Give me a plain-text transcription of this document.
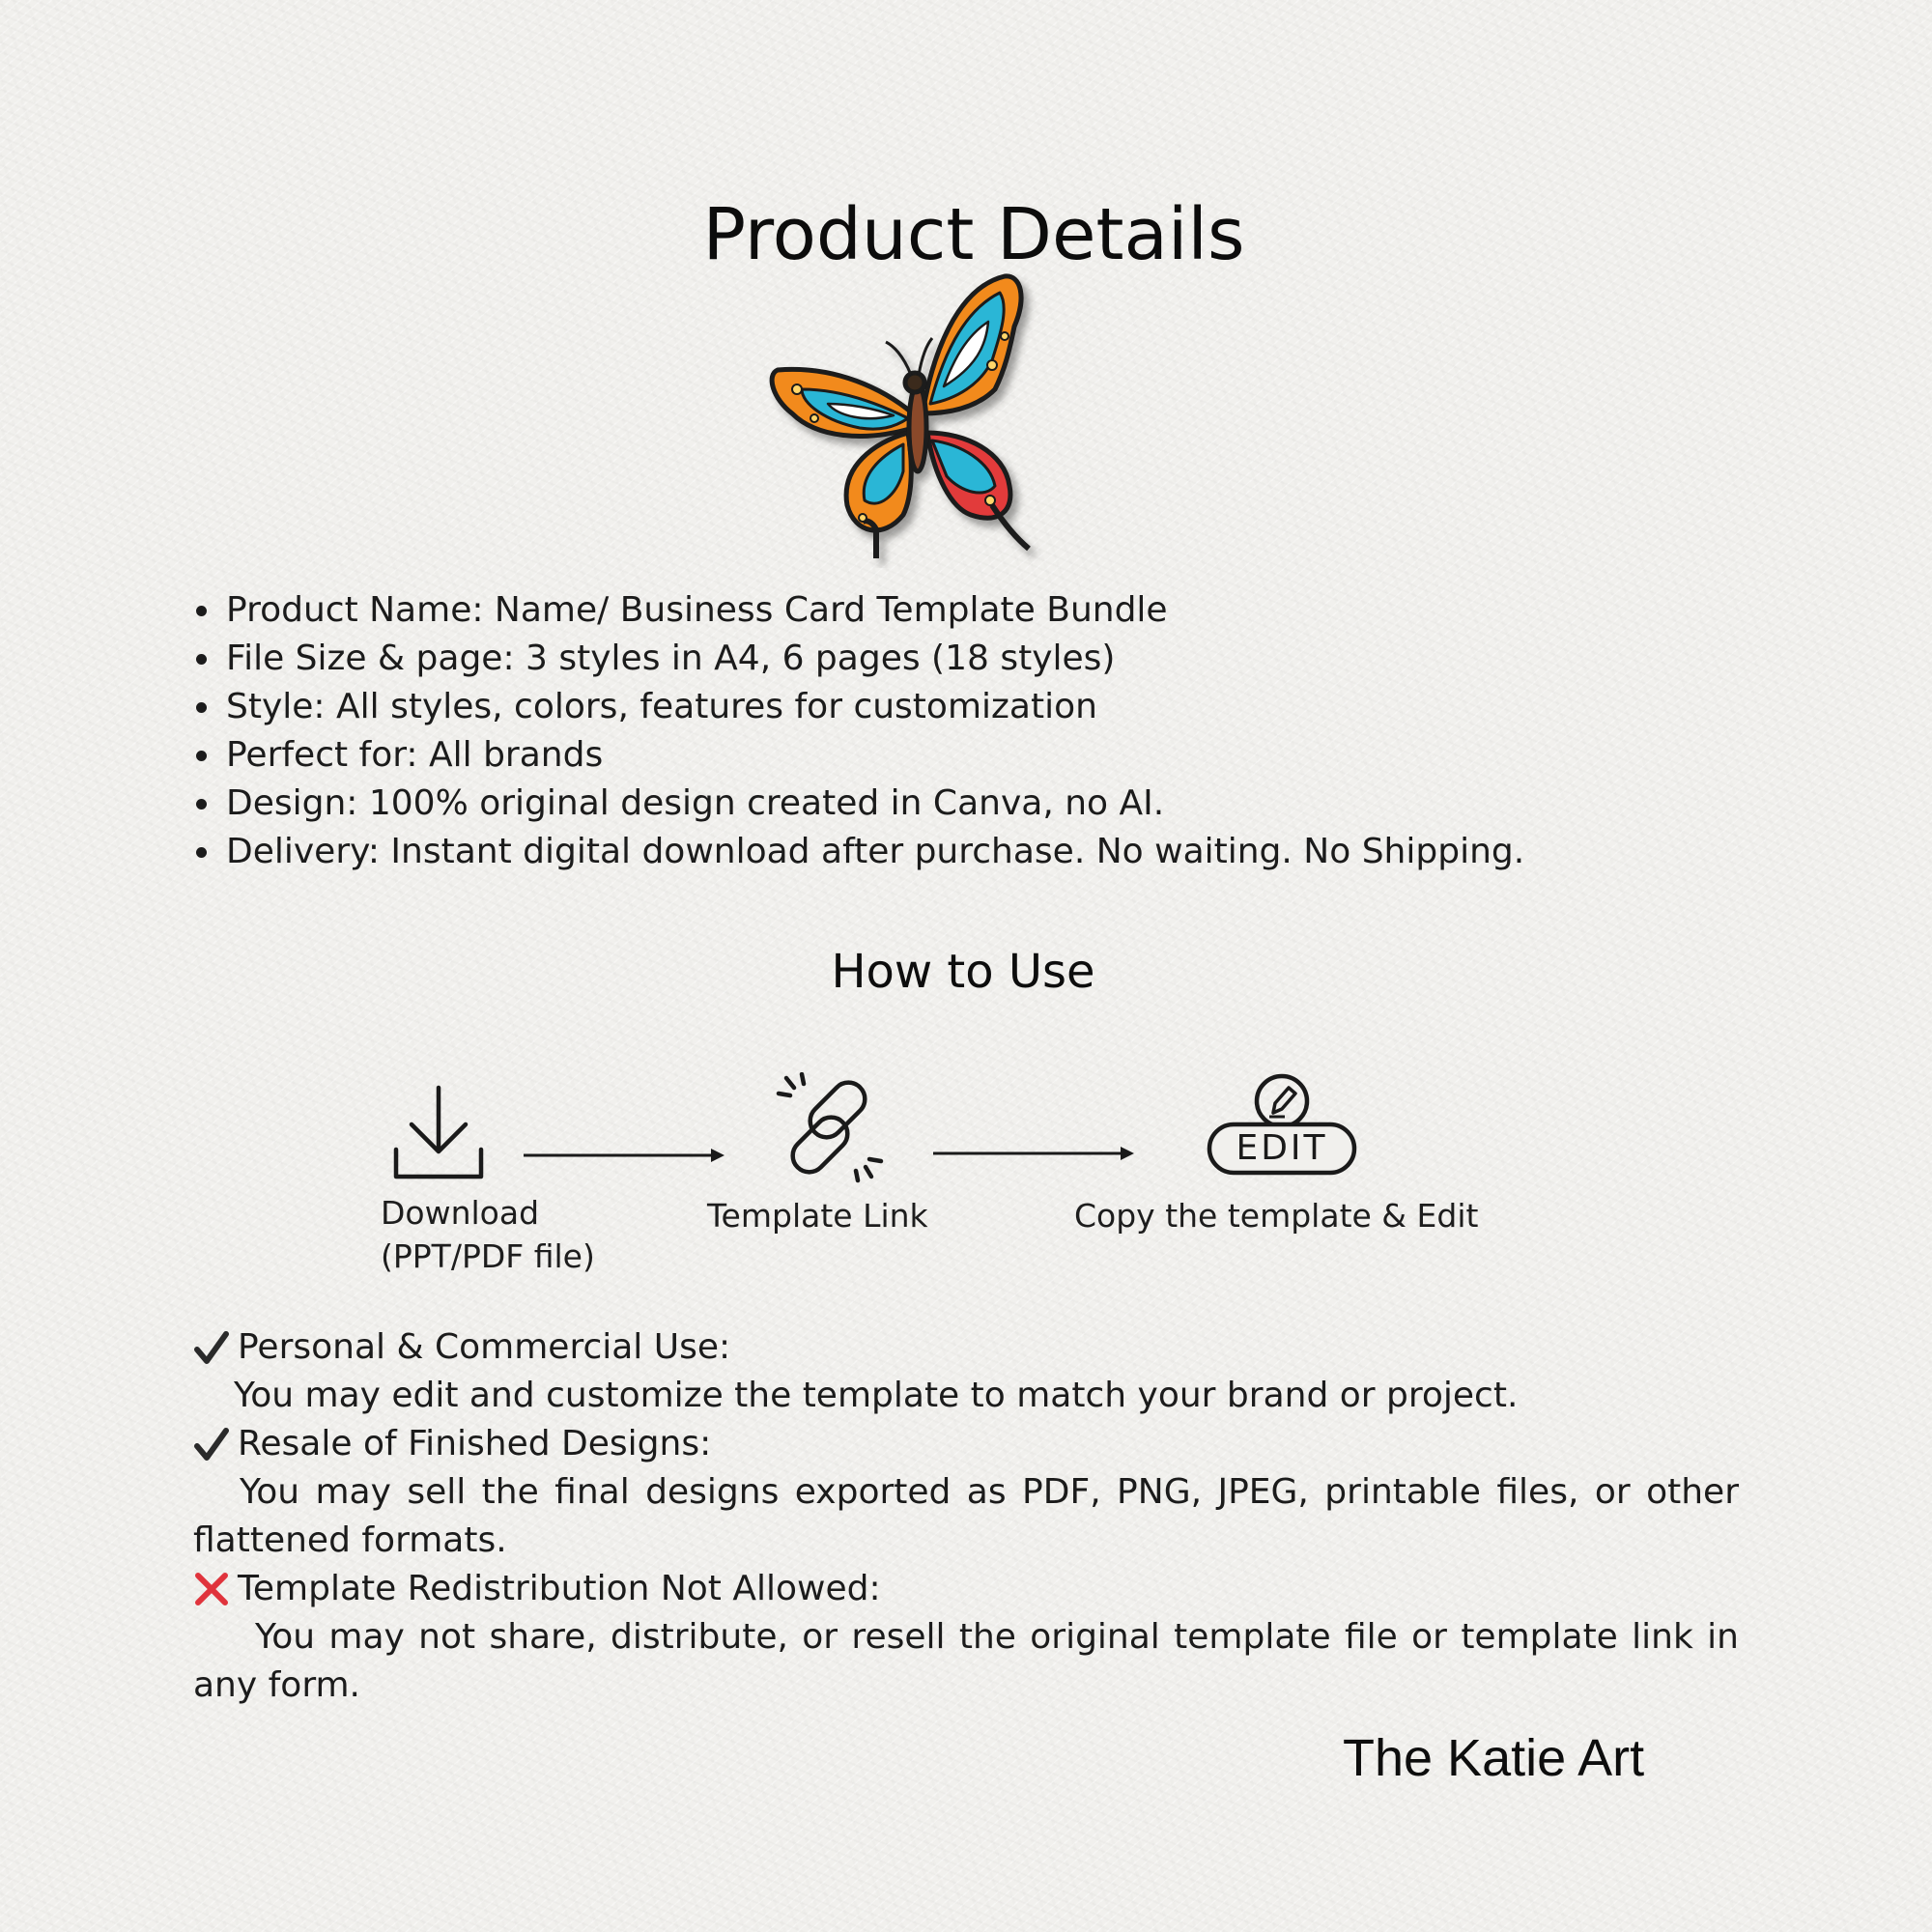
Product Details
Product Name: Name/ Business Card Template Bundle
File Size & page: 3 styles in A4, 6 pages (18 styles)
Style: All styles, colors, features for customization
Perfect for: All brands
Design: 100% original design created in Canva, no AI.
Delivery: Instant digital download after purchase. No waiting. No Shipping.
How to Use
Download
(PPT/PDF file)
Template Link
EDIT
Copy the template & Edit
Personal & Commercial Use:
You may edit and customize the template to match your brand or project.
Resale of Finished Designs:
You may sell the final designs exported as PDF, PNG, JPEG, printable files, or other flattened formats.
Template Redistribution Not Allowed:
You may not share, distribute, or resell the original template file or template link in any form.
The Katie Art
